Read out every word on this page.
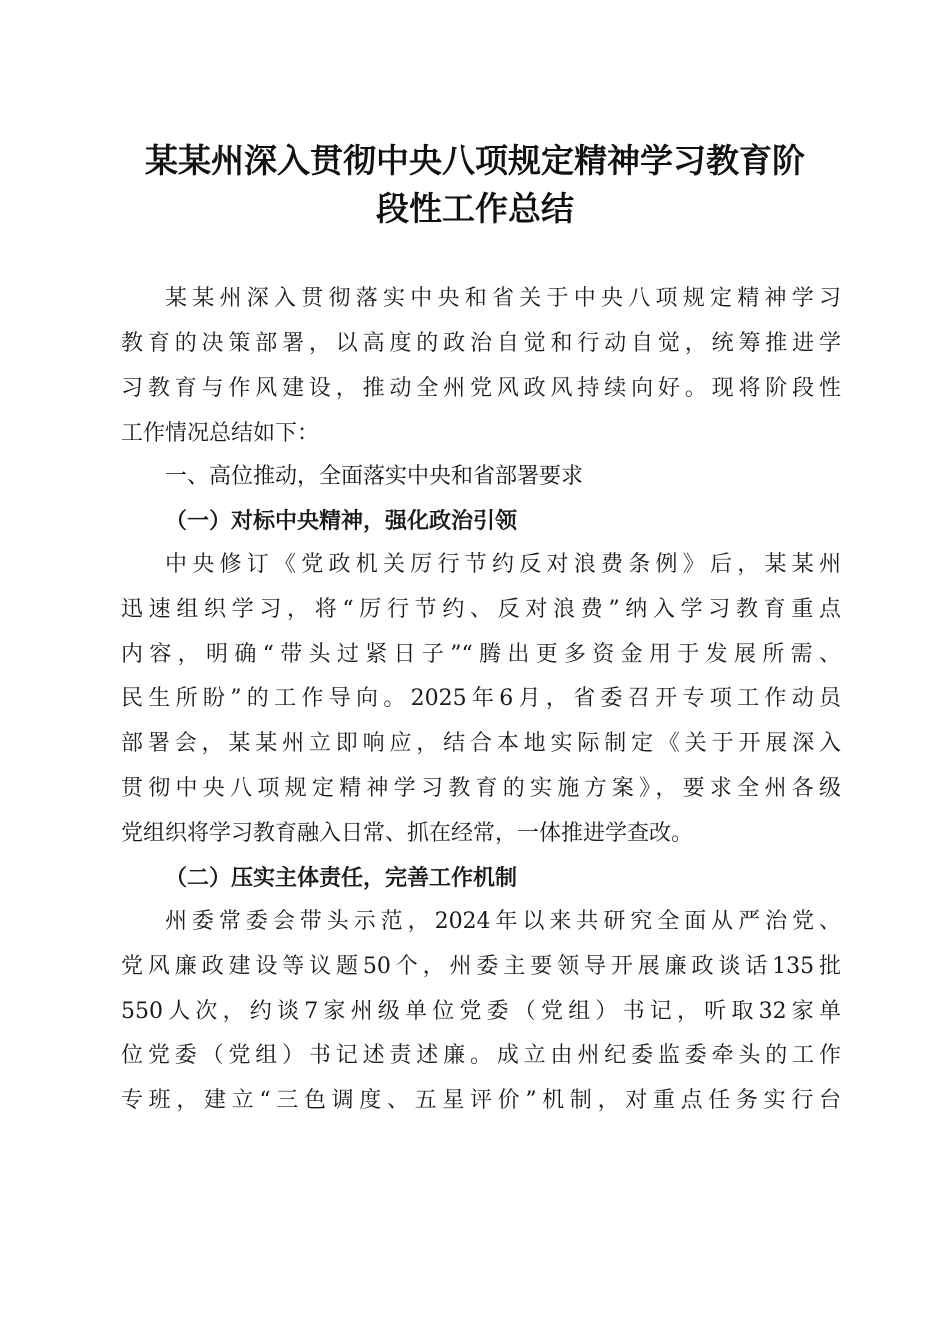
某某州深入贯彻中央八项规定精神学习教育阶
段性工作总结

某某州深入贯彻落实中央和省关于中央八项规定精神学习

教育的决策部署，以高度的政治自觉和行动自觉，统筹推进学

习教育与作风建设，推动全州党风政风持续向好。现将阶段性

工作情况总结如下：

一、高位推动，全面落实中央和省部署要求
（一）对标中央精神，强化政治引领

中央修订《党政机关厉行节约反对浪费条例》后，某某州

迅速组织学习，将“厉行节约、反对浪费”纳入学习教育重点

内容，明确“带头过紧日子”“腾出更多资金用于发展所需、

民生所盼”的工作导向。2025年6月，省委召开专项工作动员

部署会，某某州立即响应，结合本地实际制定《关于开展深入

贯彻中央八项规定精神学习教育的实施方案》，要求全州各级

党组织将学习教育融入日常、抓在经常，一体推进学查改。

（二）压实主体责任，完善工作机制

州委常委会带头示范，2024年以来共研究全面从严治党、

党风廉政建设等议题50个，州委主要领导开展廉政谈话135批

550人次，约谈7家州级单位党委（党组）书记，听取32家单

位党委（党组）书记述责述廉。成立由州纪委监委牵头的工作

专班，建立“三色调度、五星评价”机制，对重点任务实行台
